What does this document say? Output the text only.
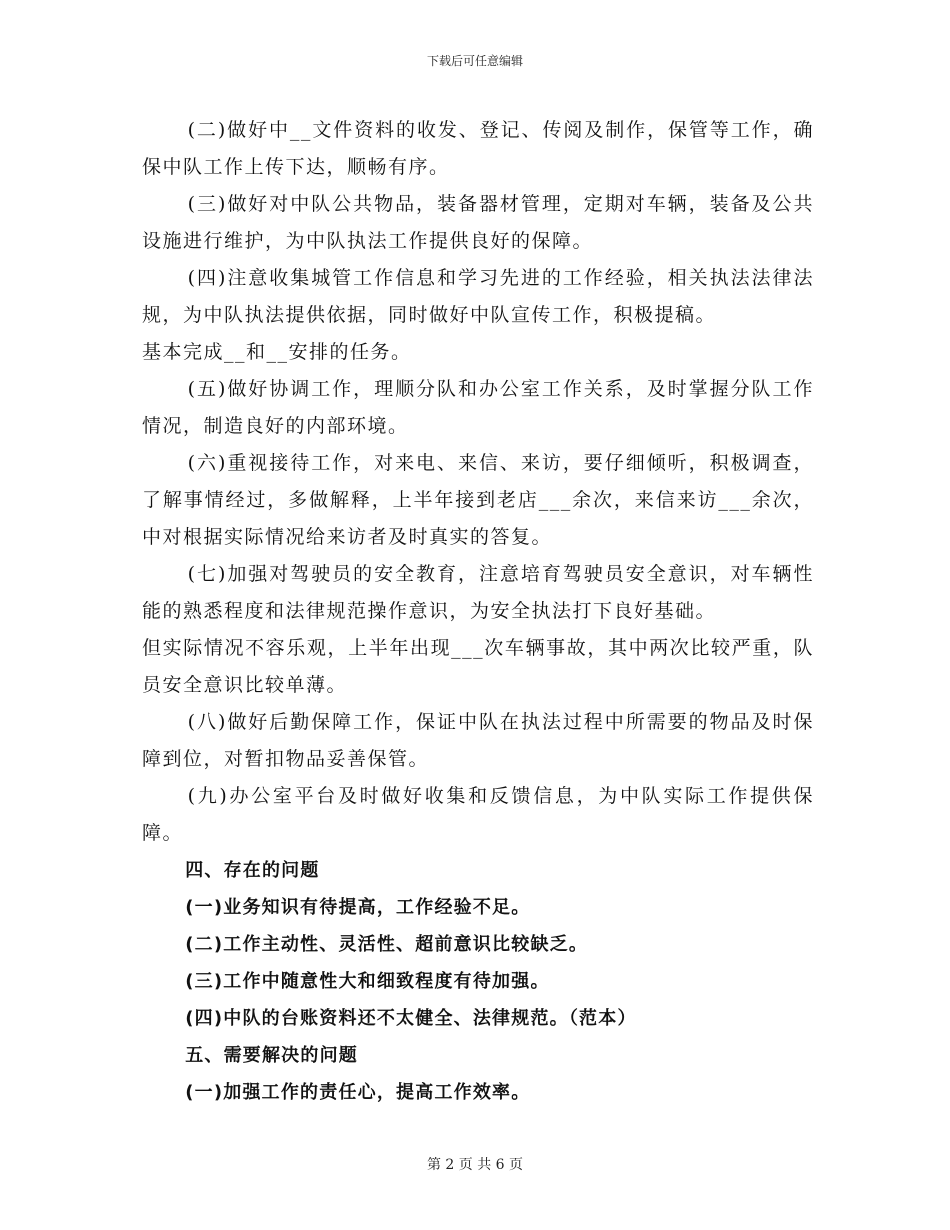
下载后可任意编辑

(二)做好中__文件资料的收发、登记、传阅及制作，保管等工作，确保中队工作上传下达，顺畅有序。

(三)做好对中队公共物品，装备器材管理，定期对车辆，装备及公共设施进行维护，为中队执法工作提供良好的保障。

(四)注意收集城管工作信息和学习先进的工作经验，相关执法法律法规，为中队执法提供依据，同时做好中队宣传工作，积极提稿。

基本完成__和__安排的任务。

(五)做好协调工作，理顺分队和办公室工作关系，及时掌握分队工作情况，制造良好的内部环境。

(六)重视接待工作，对来电、来信、来访，要仔细倾听，积极调查，了解事情经过，多做解释，上半年接到老店___余次，来信来访___余次，中对根据实际情况给来访者及时真实的答复。

(七)加强对驾驶员的安全教育，注意培育驾驶员安全意识，对车辆性能的熟悉程度和法律规范操作意识，为安全执法打下良好基础。

但实际情况不容乐观，上半年出现___次车辆事故，其中两次比较严重，队员安全意识比较单薄。

(八)做好后勤保障工作，保证中队在执法过程中所需要的物品及时保障到位，对暂扣物品妥善保管。

(九)办公室平台及时做好收集和反馈信息，为中队实际工作提供保障。

四、存在的问题

(一)业务知识有待提高，工作经验不足。

(二)工作主动性、灵活性、超前意识比较缺乏。

(三)工作中随意性大和细致程度有待加强。

(四)中队的台账资料还不太健全、法律规范。（范本）

五、需要解决的问题

(一)加强工作的责任心，提高工作效率。

第 2 页 共 6 页
